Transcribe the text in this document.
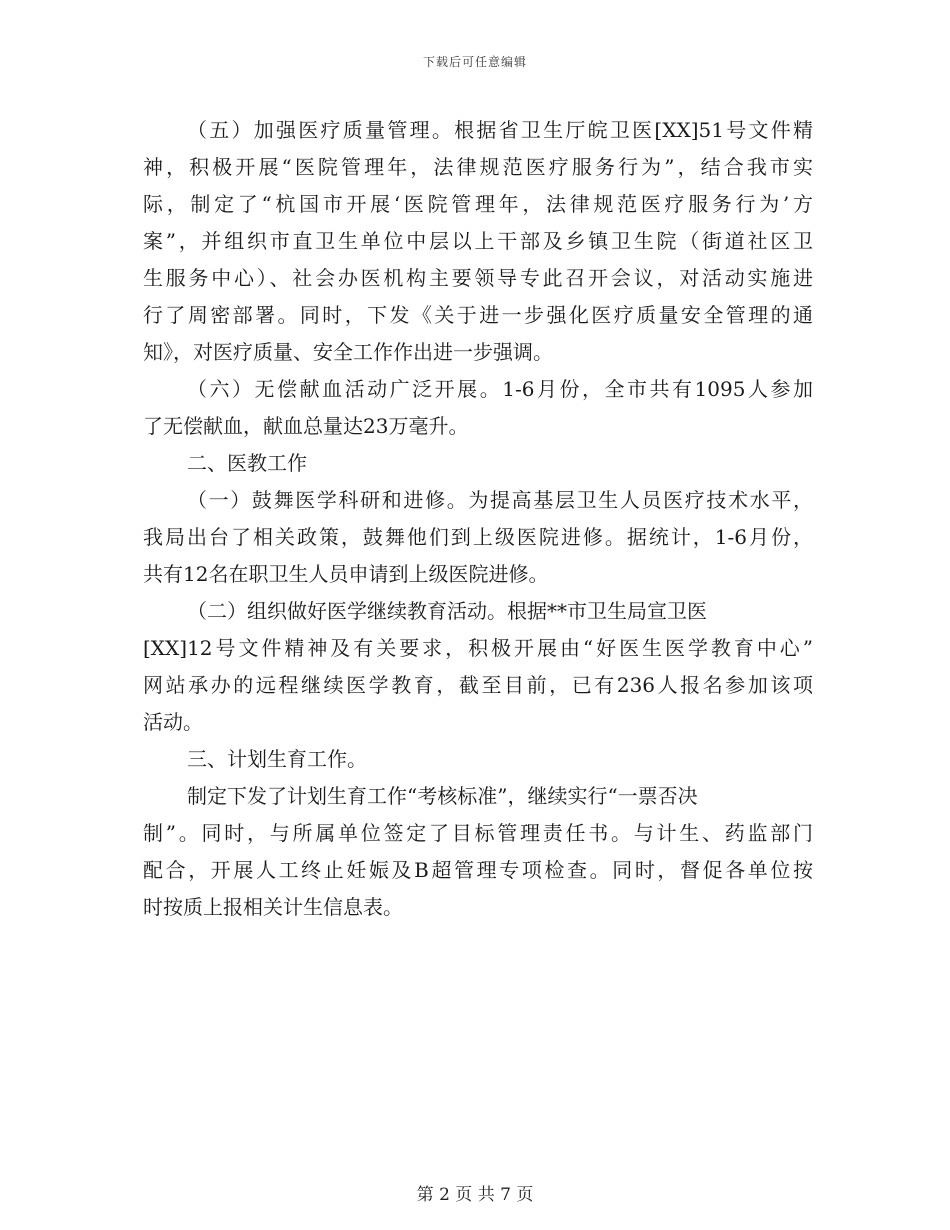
下载后可任意编辑
（五）加强医疗质量管理。根据省卫生厅皖卫医[XX]51号文件精
神，积极开展“医院管理年，法律规范医疗服务行为”，结合我市实
际，制定了“杭国市开展‘医院管理年，法律规范医疗服务行为’方
案”，并组织市直卫生单位中层以上干部及乡镇卫生院（街道社区卫
生服务中心）、社会办医机构主要领导专此召开会议，对活动实施进
行了周密部署。同时，下发《关于进一步强化医疗质量安全管理的通
知》，对医疗质量、安全工作作出进一步强调。
（六）无偿献血活动广泛开展。1-6月份，全市共有1095人参加
了无偿献血，献血总量达23万毫升。
二、医教工作
（一）鼓舞医学科研和进修。为提高基层卫生人员医疗技术水平，
我局出台了相关政策，鼓舞他们到上级医院进修。据统计，1-6月份，
共有12名在职卫生人员申请到上级医院进修。
（二）组织做好医学继续教育活动。根据**市卫生局宣卫医
[XX]12号文件精神及有关要求，积极开展由“好医生医学教育中心”
网站承办的远程继续医学教育，截至目前，已有236人报名参加该项
活动。
三、计划生育工作。
制定下发了计划生育工作“考核标准”，继续实行“一票否决
制”。同时，与所属单位签定了目标管理责任书。与计生、药监部门
配合，开展人工终止妊娠及B超管理专项检查。同时，督促各单位按
时按质上报相关计生信息表。
第 2 页 共 7 页
